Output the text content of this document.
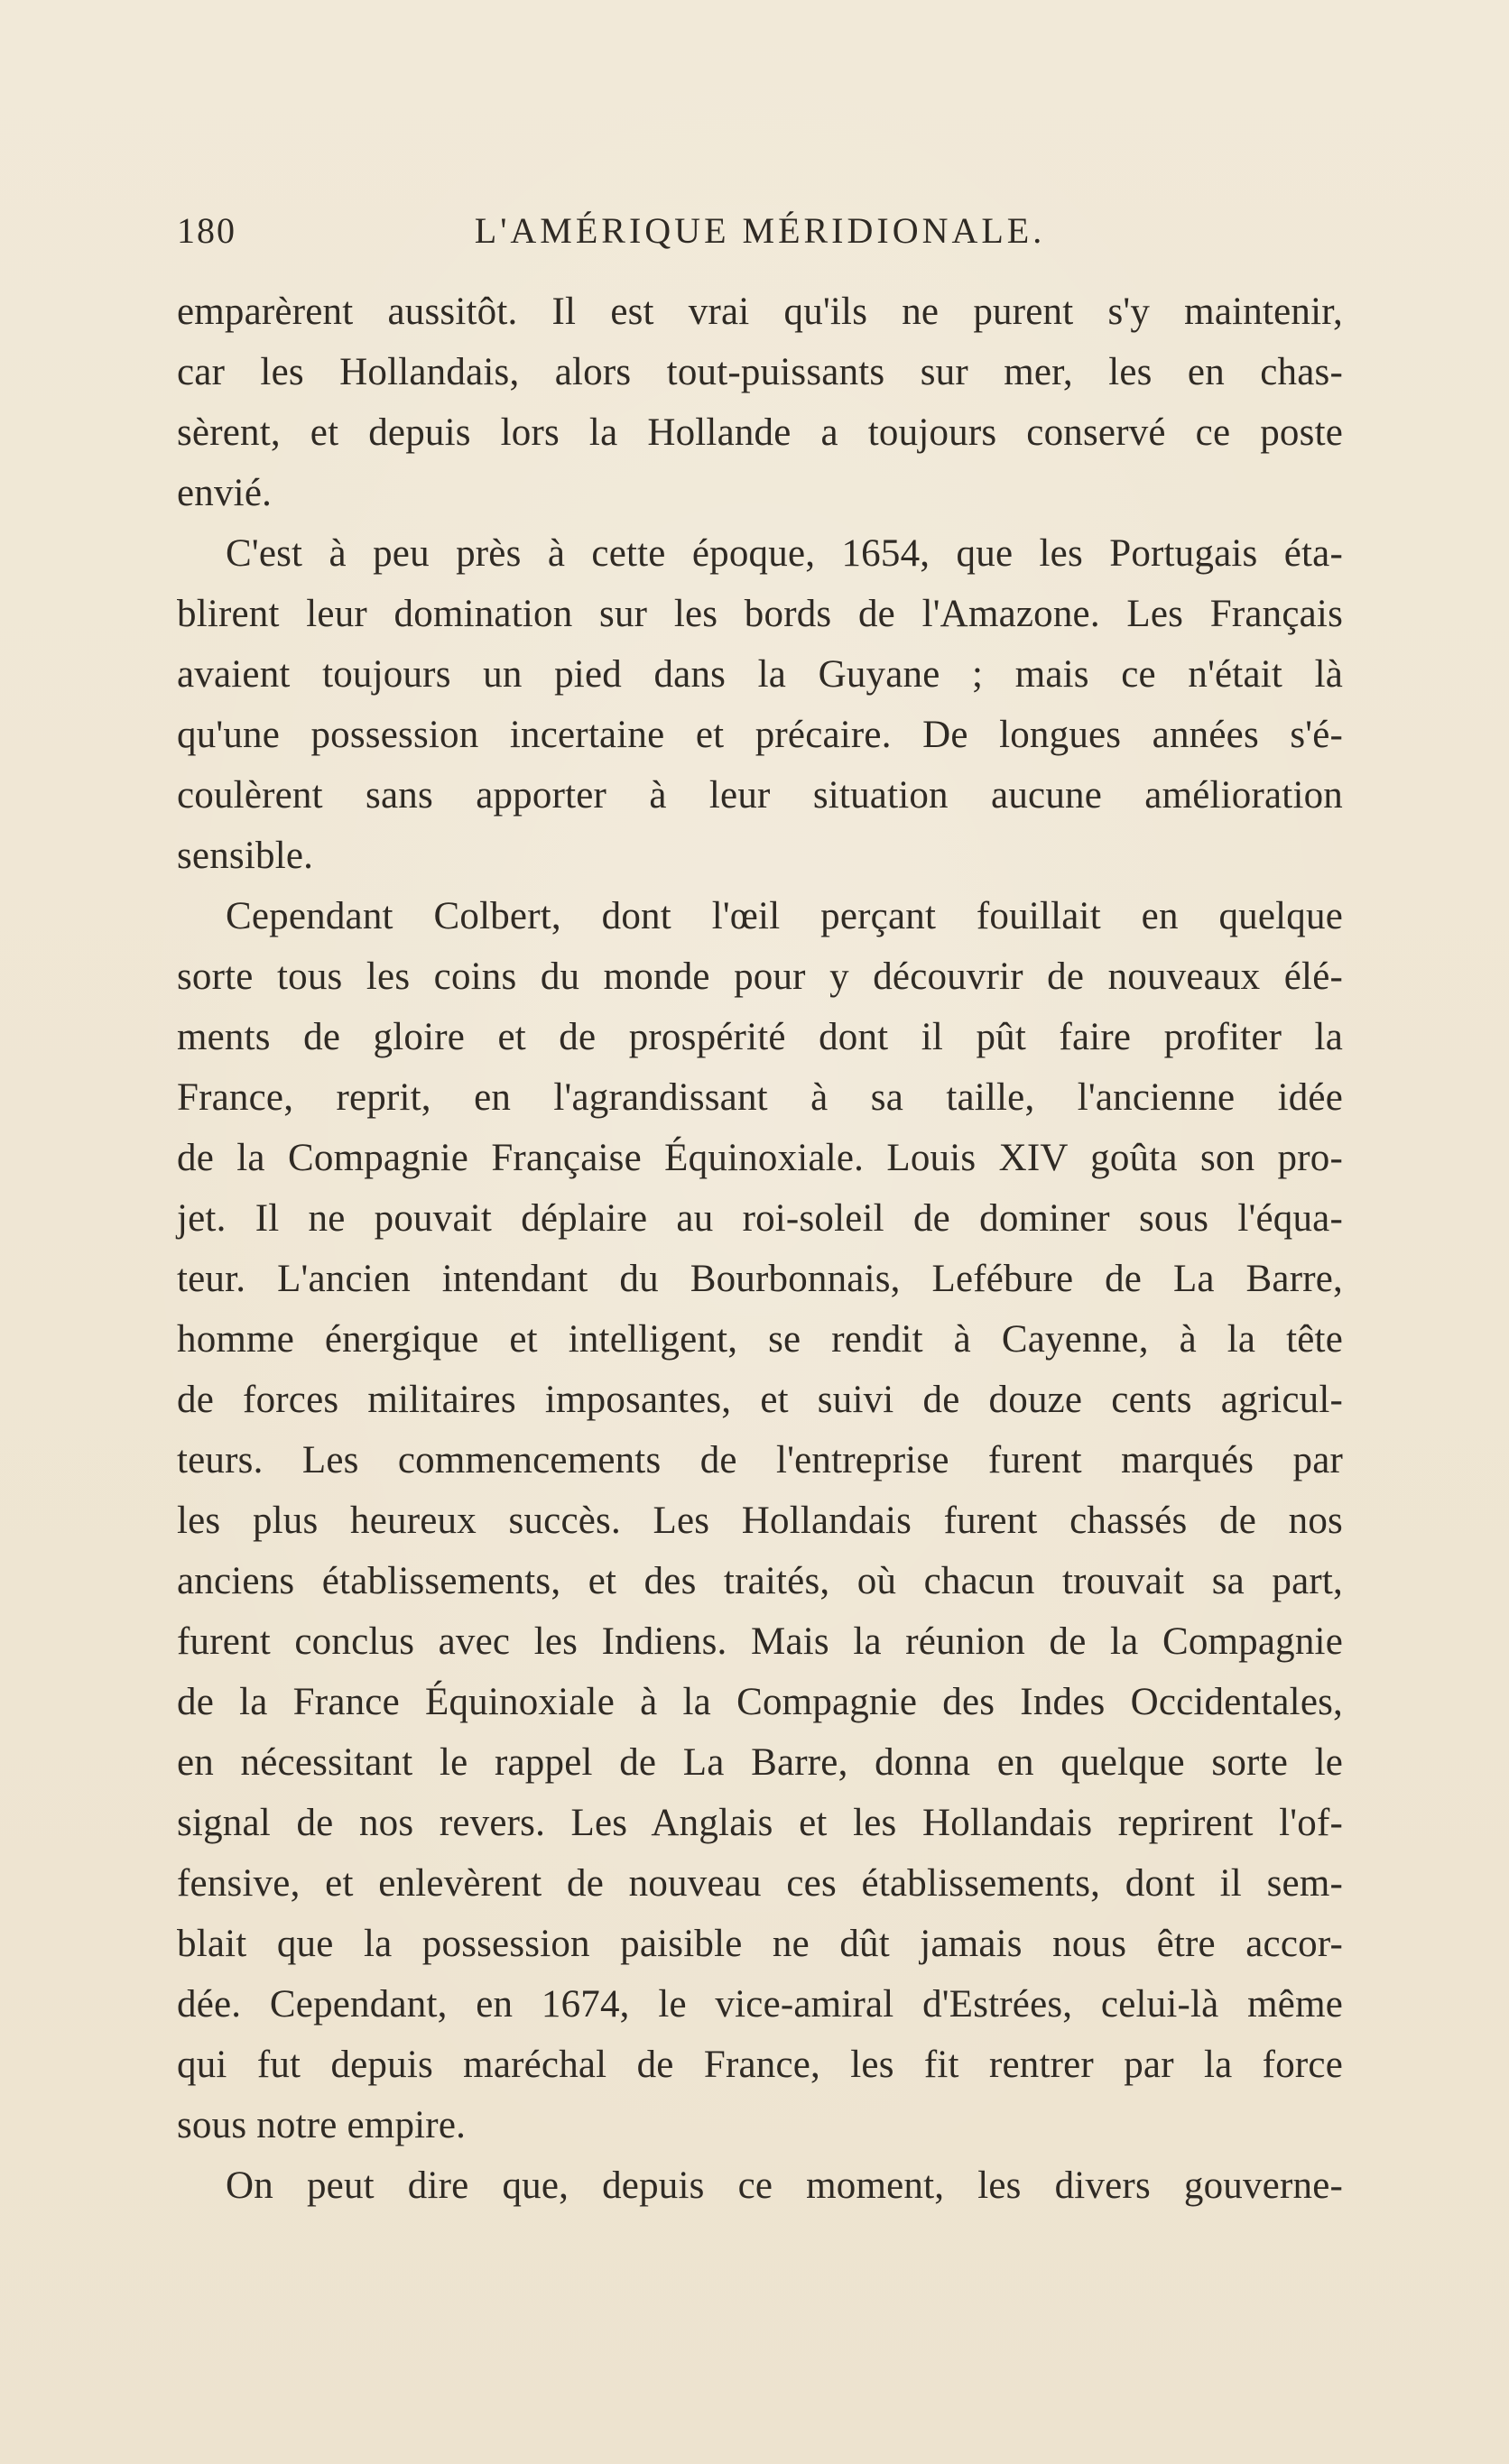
180	L'AMÉRIQUE MÉRIDIONALE.
emparèrent aussitôt. Il est vrai qu'ils ne purent s'y maintenir,
car les Hollandais, alors tout-puissants sur mer, les en chas-
sèrent, et depuis lors la Hollande a toujours conservé ce poste
envié.
C'est à peu près à cette époque, 1654, que les Portugais éta-
blirent leur domination sur les bords de l'Amazone. Les Français
avaient toujours un pied dans la Guyane ; mais ce n'était là
qu'une possession incertaine et précaire. De longues années s'é-
coulèrent sans apporter à leur situation aucune amélioration
sensible.
Cependant Colbert, dont l'œil perçant fouillait en quelque
sorte tous les coins du monde pour y découvrir de nouveaux élé-
ments de gloire et de prospérité dont il pût faire profiter la
France, reprit, en l'agrandissant à sa taille, l'ancienne idée
de la Compagnie Française Équinoxiale. Louis XIV goûta son pro-
jet. Il ne pouvait déplaire au roi-soleil de dominer sous l'équa-
teur. L'ancien intendant du Bourbonnais, Lefébure de La Barre,
homme énergique et intelligent, se rendit à Cayenne, à la tête
de forces militaires imposantes, et suivi de douze cents agricul-
teurs. Les commencements de l'entreprise furent marqués par
les plus heureux succès. Les Hollandais furent chassés de nos
anciens établissements, et des traités, où chacun trouvait sa part,
furent conclus avec les Indiens. Mais la réunion de la Compagnie
de la France Équinoxiale à la Compagnie des Indes Occidentales,
en nécessitant le rappel de La Barre, donna en quelque sorte le
signal de nos revers. Les Anglais et les Hollandais reprirent l'of-
fensive, et enlevèrent de nouveau ces établissements, dont il sem-
blait que la possession paisible ne dût jamais nous être accor-
dée. Cependant, en 1674, le vice-amiral d'Estrées, celui-là même
qui fut depuis maréchal de France, les fit rentrer par la force
sous notre empire.
On peut dire que, depuis ce moment, les divers gouverne-
